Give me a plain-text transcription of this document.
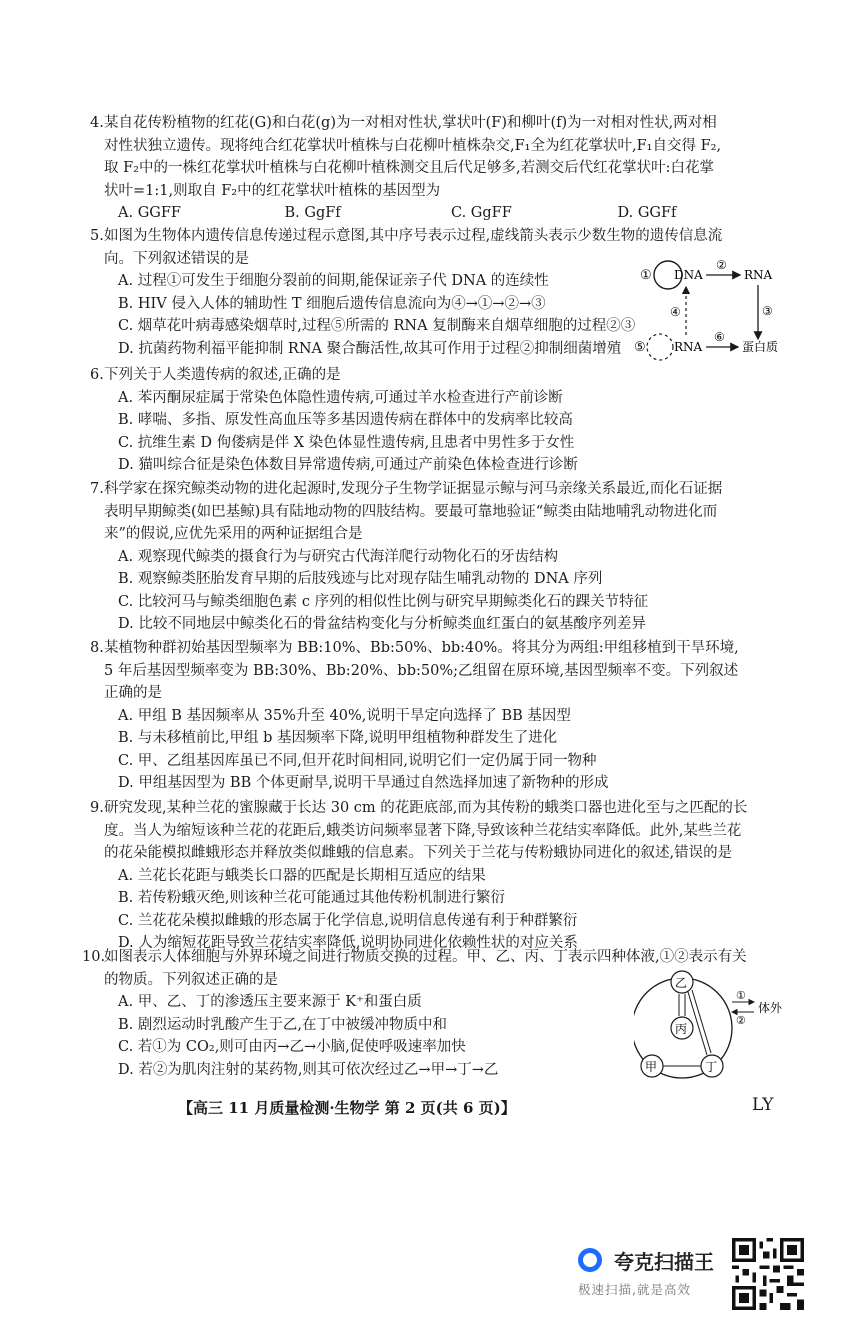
4. 某自花传粉植物的红花(G)和白花(g)为一对相对性状,掌状叶(F)和柳叶(f)为一对相对性状,两对相
对性状独立遗传。现将纯合红花掌状叶植株与白花柳叶植株杂交,F₁全为红花掌状叶,F₁自交得 F₂,
取 F₂中的一株红花掌状叶植株与白花柳叶植株测交且后代足够多,若测交后代红花掌状叶:白花掌
状叶=1:1,则取自 F₂中的红花掌状叶植株的基因型为

A. GGFF	B. GgFf	C. GgFF	D. GGFf

5. 如图为生物体内遗传信息传递过程示意图,其中序号表示过程,虚线箭头表示少数生物的遗传信息流
向。下列叙述错误的是

A. 过程①可发生于细胞分裂前的间期,能保证亲子代 DNA 的连续性

B. HIV 侵入人体的辅助性 T 细胞后遗传信息流向为④→①→②→③

C. 烟草花叶病毒感染烟草时,过程⑤所需的 RNA 复制酶来自烟草细胞的过程②③

D. 抗菌药物利福平能抑制 RNA 聚合酶活性,故其可作用于过程②抑制细菌增殖

① DNA
②
RNA
③
④
⑤ RNA
⑥
蛋白质

6. 下列关于人类遗传病的叙述,正确的是

A. 苯丙酮尿症属于常染色体隐性遗传病,可通过羊水检查进行产前诊断

B. 哮喘、多指、原发性高血压等多基因遗传病在群体中的发病率比较高

C. 抗维生素 D 佝偻病是伴 X 染色体显性遗传病,且患者中男性多于女性

D. 猫叫综合征是染色体数目异常遗传病,可通过产前染色体检查进行诊断

7. 科学家在探究鲸类动物的进化起源时,发现分子生物学证据显示鲸与河马亲缘关系最近,而化石证据
表明早期鲸类(如巴基鲸)具有陆地动物的四肢结构。要最可靠地验证“鲸类由陆地哺乳动物进化而
来”的假说,应优先采用的两种证据组合是

A. 观察现代鲸类的摄食行为与研究古代海洋爬行动物化石的牙齿结构

B. 观察鲸类胚胎发育早期的后肢残迹与比对现存陆生哺乳动物的 DNA 序列

C. 比较河马与鲸类细胞色素 c 序列的相似性比例与研究早期鲸类化石的踝关节特征

D. 比较不同地层中鲸类化石的骨盆结构变化与分析鲸类血红蛋白的氨基酸序列差异

8. 某植物种群初始基因型频率为 BB:10%、Bb:50%、bb:40%。将其分为两组:甲组移植到干旱环境,
5 年后基因型频率变为 BB:30%、Bb:20%、bb:50%;乙组留在原环境,基因型频率不变。下列叙述
正确的是

A. 甲组 B 基因频率从 35%升至 40%,说明干旱定向选择了 BB 基因型

B. 与未移植前比,甲组 b 基因频率下降,说明甲组植物种群发生了进化

C. 甲、乙组基因库虽已不同,但开花时间相同,说明它们一定仍属于同一物种

D. 甲组基因型为 BB 个体更耐旱,说明干旱通过自然选择加速了新物种的形成

9. 研究发现,某种兰花的蜜腺藏于长达 30 cm 的花距底部,而为其传粉的蛾类口器也进化至与之匹配的长
度。当人为缩短该种兰花的花距后,蛾类访问频率显著下降,导致该种兰花结实率降低。此外,某些兰花
的花朵能模拟雌蛾形态并释放类似雌蛾的信息素。下列关于兰花与传粉蛾协同进化的叙述,错误的是

A. 兰花长花距与蛾类长口器的匹配是长期相互适应的结果

B. 若传粉蛾灭绝,则该种兰花可能通过其他传粉机制进行繁衍

C. 兰花花朵模拟雌蛾的形态属于化学信息,说明信息传递有利于种群繁衍

D. 人为缩短花距导致兰花结实率降低,说明协同进化依赖性状的对应关系

10.
如图表示人体细胞与外界环境之间进行物质交换的过程。甲、乙、丙、丁表示四种体液,①②表示有关
的物质。下列叙述正确的是

A. 甲、乙、丁的渗透压主要来源于 K⁺和蛋白质

B. 剧烈运动时乳酸产生于乙,在丁中被缓冲物质中和

C. 若①为 CO₂,则可由丙→乙→小脑,促使呼吸速率加快

D. 若②为肌肉注射的某药物,则其可依次经过乙→甲→丁→乙

丙
乙
甲	丁
①
②
体外
【高三 11 月质量检测·生物学 第 2 页(共 6 页)】	LY
夸克扫描王
极速扫描,就是高效
